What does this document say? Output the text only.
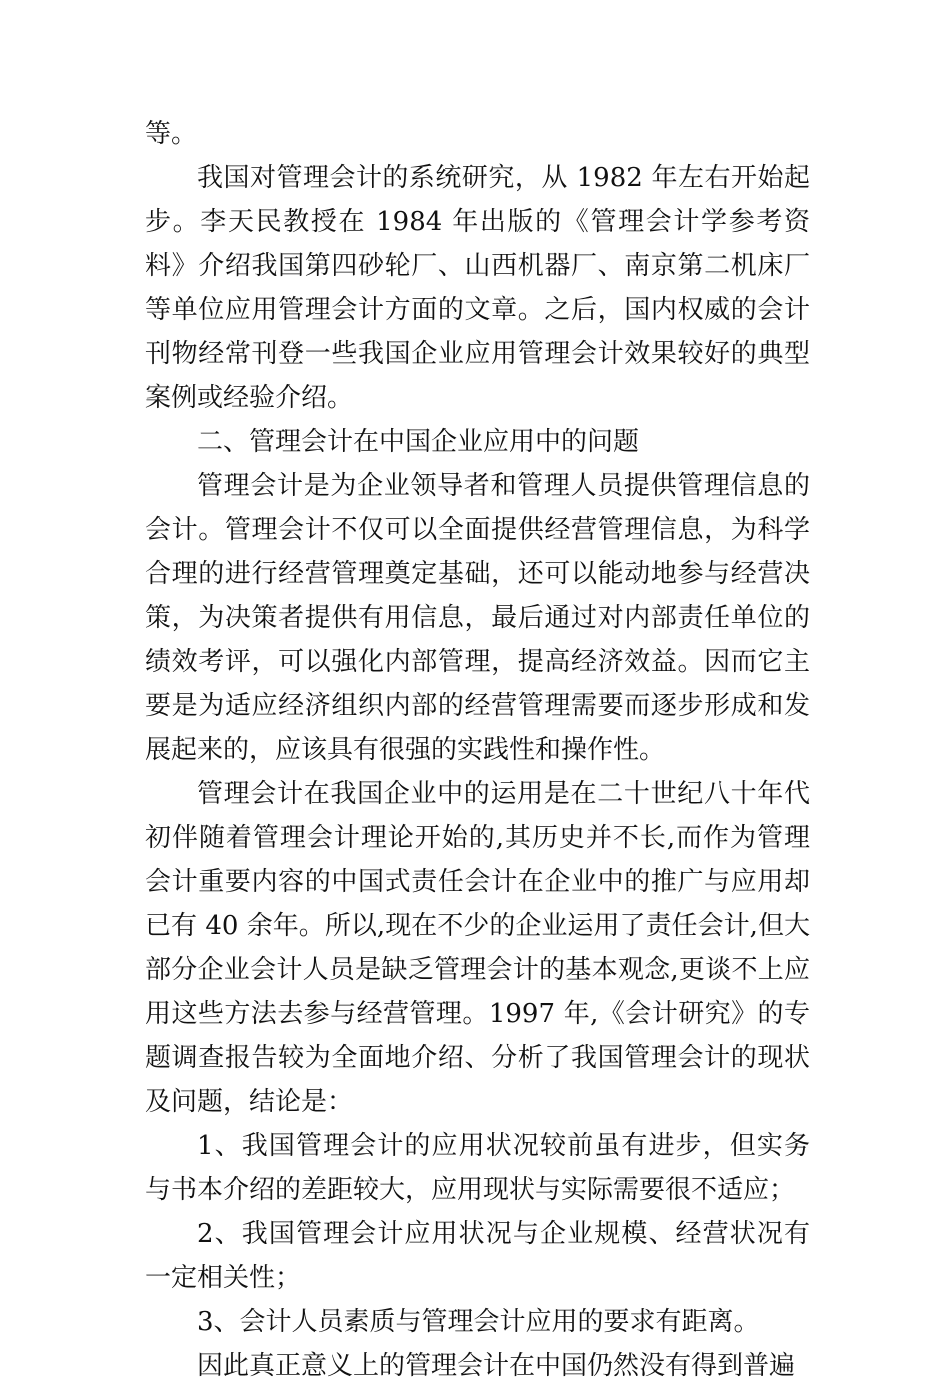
等。

我国对管理会计的系统研究，从 1982 年左右开始起步。李天民教授在 1984 年出版的《管理会计学参考资料》介绍我国第四砂轮厂、山西机器厂、南京第二机床厂等单位应用管理会计方面的文章。之后，国内权威的会计刊物经常刊登一些我国企业应用管理会计效果较好的典型案例或经验介绍。

二、管理会计在中国企业应用中的问题

管理会计是为企业领导者和管理人员提供管理信息的会计。管理会计不仅可以全面提供经营管理信息，为科学合理的进行经营管理奠定基础，还可以能动地参与经营决策，为决策者提供有用信息，最后通过对内部责任单位的绩效考评，可以强化内部管理，提高经济效益。因而它主要是为适应经济组织内部的经营管理需要而逐步形成和发展起来的，应该具有很强的实践性和操作性。

管理会计在我国企业中的运用是在二十世纪八十年代初伴随着管理会计理论开始的,其历史并不长,而作为管理会计重要内容的中国式责任会计在企业中的推广与应用却已有 40 余年。所以,现在不少的企业运用了责任会计,但大部分企业会计人员是缺乏管理会计的基本观念,更谈不上应用这些方法去参与经营管理。1997 年,《会计研究》的专题调查报告较为全面地介绍、分析了我国管理会计的现状及问题，结论是：

1、我国管理会计的应用状况较前虽有进步，但实务与书本介绍的差距较大，应用现状与实际需要很不适应；

2、我国管理会计应用状况与企业规模、经营状况有一定相关性；

3、会计人员素质与管理会计应用的要求有距离。

因此真正意义上的管理会计在中国仍然没有得到普遍
